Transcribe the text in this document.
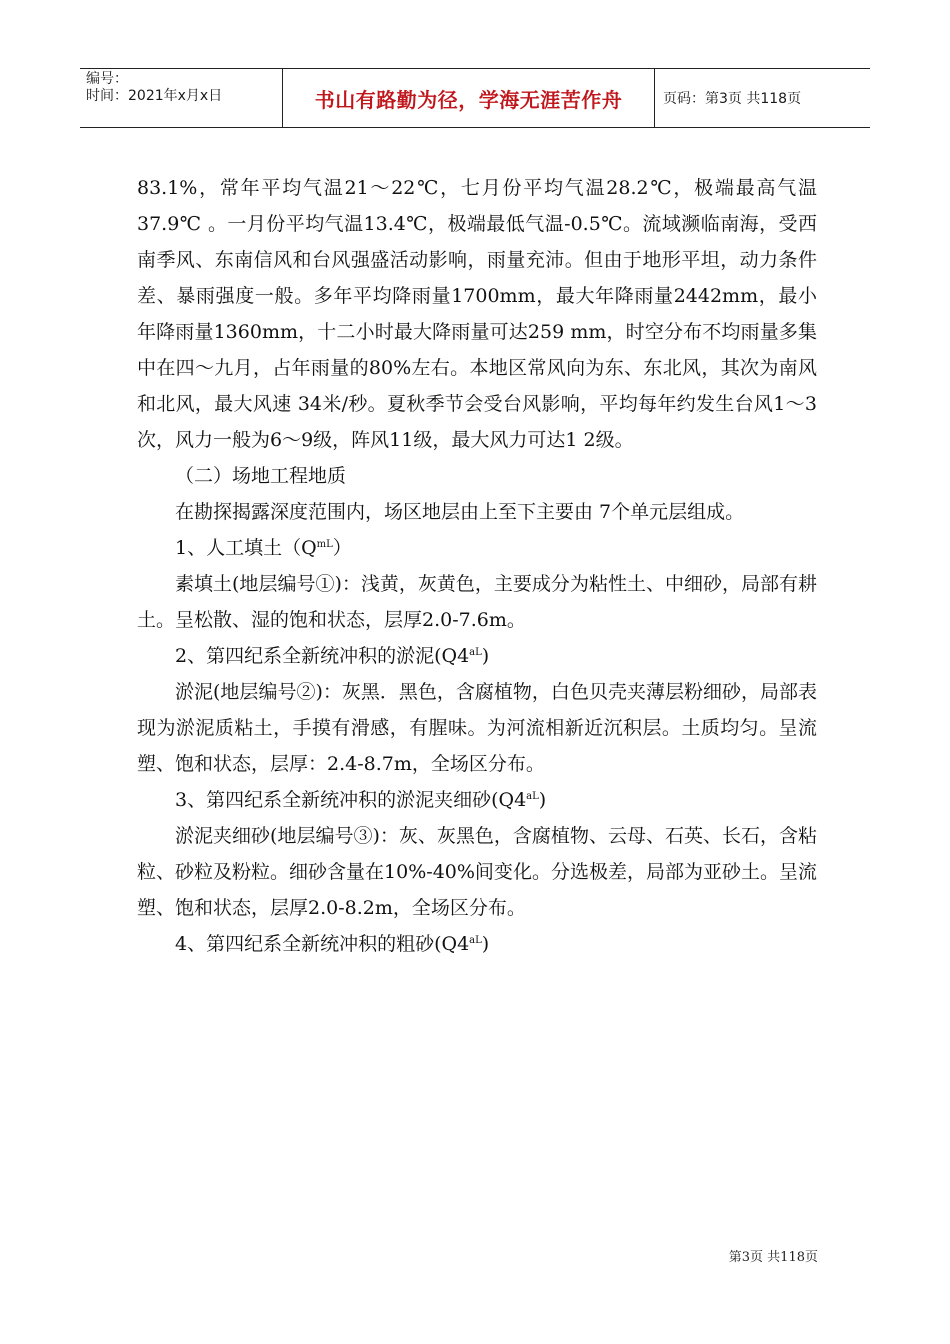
编号：
时间：2021年x月x日	书山有路勤为径，学海无涯苦作舟	页码：第3页 共118页

83.1%，常年平均气温21～22℃，七月份平均气温28.2℃，极端最高气温37.9℃ 。一月份平均气温13.4℃，极端最低气温-0.5℃。流域濒临南海，受西南季风、东南信风和台风强盛活动影响，雨量充沛。但由于地形平坦，动力条件差、暴雨强度一般。多年平均降雨量1700mm，最大年降雨量2442mm，最小年降雨量1360mm，十二小时最大降雨量可达259 mm，时空分布不均雨量多集中在四～九月，占年雨量的80%左右。本地区常风向为东、东北风，其次为南风和北风，最大风速 34米/秒。夏秋季节会受台风影响，平均每年约发生台风1～3次，风力一般为6～9级，阵风11级，最大风力可达1 2级。

（二）场地工程地质

在勘探揭露深度范围内，场区地层由上至下主要由 7个单元层组成。

1、人工填土$(Q^{mL})$

素填土(地层编号①)：浅黄，灰黄色，主要成分为粘性土、中细砂，局部有耕土。呈松散、湿的饱和状态，层厚2.0-7.6m。

2、第四纪系全新统冲积的淤泥$(Q4^{aL})$

淤泥(地层编号②)：灰黑．黑色，含腐植物，白色贝壳夹薄层粉细砂，局部表现为淤泥质粘土，手摸有滑感，有腥味。为河流相新近沉积层。土质均匀。呈流塑、饱和状态，层厚：2.4-8.7m，全场区分布。

3、第四纪系全新统冲积的淤泥夹细砂$(Q4^{aL})$

淤泥夹细砂(地层编号③)：灰、灰黑色，含腐植物、云母、石英、长石，含粘粒、砂粒及粉粒。细砂含量在10%-40%间变化。分选极差，局部为亚砂土。呈流塑、饱和状态，层厚2.0-8.2m，全场区分布。

4、第四纪系全新统冲积的粗砂$(Q4^{aL})$

第3页 共118页
